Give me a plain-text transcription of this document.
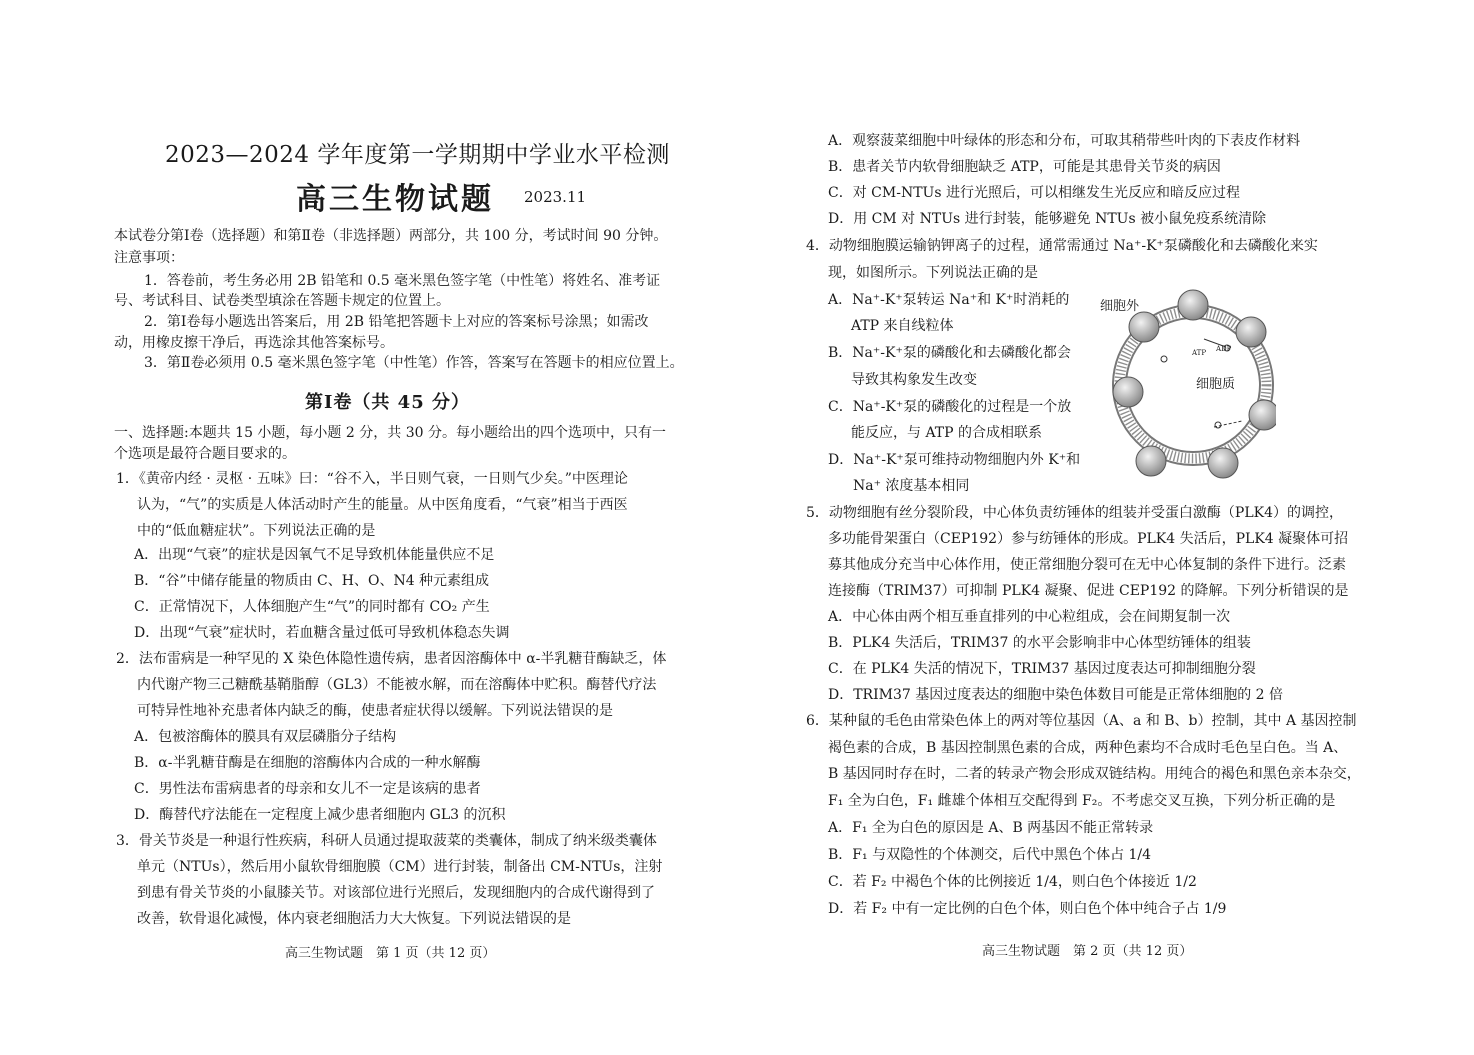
2023—2024 学年度第一学期期中学业水平检测
高三生物试题 2023.11
本试卷分第Ⅰ卷（选择题）和第Ⅱ卷（非选择题）两部分，共 100 分，考试时间 90 分钟。
注意事项：
1．答卷前，考生务必用 2B 铅笔和 0.5 毫米黑色签字笔（中性笔）将姓名、准考证
号、考试科目、试卷类型填涂在答题卡规定的位置上。
2．第Ⅰ卷每小题选出答案后，用 2B 铅笔把答题卡上对应的答案标号涂黑；如需改
动，用橡皮擦干净后，再选涂其他答案标号。
3．第Ⅱ卷必须用 0.5 毫米黑色签字笔（中性笔）作答，答案写在答题卡的相应位置上。
第Ⅰ卷（共 45 分）
一、选择题:本题共 15 小题，每小题 2 分，共 30 分。每小题给出的四个选项中，只有一
个选项是最符合题目要求的。
1．《黄帝内经 · 灵枢 · 五味》曰：“谷不入，半日则气衰，一日则气少矣。”中医理论
认为，“气”的实质是人体活动时产生的能量。从中医角度看，“气衰”相当于西医
中的“低血糖症状”。下列说法正确的是
A．出现“气衰”的症状是因氧气不足导致机体能量供应不足
B．“谷”中储存能量的物质由 C、H、O、N4 种元素组成
C．正常情况下，人体细胞产生“气”的同时都有 CO₂ 产生
D．出现“气衰”症状时，若血糖含量过低可导致机体稳态失调
2．法布雷病是一种罕见的 X 染色体隐性遗传病，患者因溶酶体中 α-半乳糖苷酶缺乏，体
内代谢产物三己糖酰基鞘脂醇（GL3）不能被水解，而在溶酶体中贮积。酶替代疗法
可特异性地补充患者体内缺乏的酶，使患者症状得以缓解。下列说法错误的是
A．包被溶酶体的膜具有双层磷脂分子结构
B．α-半乳糖苷酶是在细胞的溶酶体内合成的一种水解酶
C．男性法布雷病患者的母亲和女儿不一定是该病的患者
D．酶替代疗法能在一定程度上减少患者细胞内 GL3 的沉积
3．骨关节炎是一种退行性疾病，科研人员通过提取菠菜的类囊体，制成了纳米级类囊体
单元（NTUs），然后用小鼠软骨细胞膜（CM）进行封装，制备出 CM-NTUs，注射
到患有骨关节炎的小鼠膝关节。对该部位进行光照后，发现细胞内的合成代谢得到了
改善，软骨退化减慢，体内衰老细胞活力大大恢复。下列说法错误的是
高三生物试题　第 1 页（共 12 页）
A．观察菠菜细胞中叶绿体的形态和分布，可取其稍带些叶肉的下表皮作材料
B．患者关节内软骨细胞缺乏 ATP，可能是其患骨关节炎的病因
C．对 CM-NTUs 进行光照后，可以相继发生光反应和暗反应过程
D．用 CM 对 NTUs 进行封装，能够避免 NTUs 被小鼠免疫系统清除
4．动物细胞膜运输钠钾离子的过程，通常需通过 Na⁺-K⁺泵磷酸化和去磷酸化来实
现，如图所示。下列说法正确的是
A．Na⁺-K⁺泵转运 Na⁺和 K⁺时消耗的
ATP 来自线粒体
B．Na⁺-K⁺泵的磷酸化和去磷酸化都会
导致其构象发生改变
C．Na⁺-K⁺泵的磷酸化的过程是一个放
能反应，与 ATP 的合成相联系
D．Na⁺-K⁺泵可维持动物细胞内外 K⁺和
Na⁺ 浓度基本相同
细胞外
细胞质
ATP ADP
5．动物细胞有丝分裂阶段，中心体负责纺锤体的组装并受蛋白激酶（PLK4）的调控，
多功能骨架蛋白（CEP192）参与纺锤体的形成。PLK4 失活后，PLK4 凝聚体可招
募其他成分充当中心体作用，使正常细胞分裂可在无中心体复制的条件下进行。泛素
连接酶（TRIM37）可抑制 PLK4 凝聚、促进 CEP192 的降解。下列分析错误的是
A．中心体由两个相互垂直排列的中心粒组成，会在间期复制一次
B．PLK4 失活后，TRIM37 的水平会影响非中心体型纺锤体的组装
C．在 PLK4 失活的情况下，TRIM37 基因过度表达可抑制细胞分裂
D．TRIM37 基因过度表达的细胞中染色体数目可能是正常体细胞的 2 倍
6．某种鼠的毛色由常染色体上的两对等位基因（A、a 和 B、b）控制，其中 A 基因控制
褐色素的合成，B 基因控制黑色素的合成，两种色素均不合成时毛色呈白色。当 A、
B 基因同时存在时，二者的转录产物会形成双链结构。用纯合的褐色和黑色亲本杂交，
F₁ 全为白色，F₁ 雌雄个体相互交配得到 F₂。不考虑交叉互换，下列分析正确的是
A．F₁ 全为白色的原因是 A、B 两基因不能正常转录
B．F₁ 与双隐性的个体测交，后代中黑色个体占 1/4
C．若 F₂ 中褐色个体的比例接近 1/4，则白色个体接近 1/2
D．若 F₂ 中有一定比例的白色个体，则白色个体中纯合子占 1/9
高三生物试题　第 2 页（共 12 页）
